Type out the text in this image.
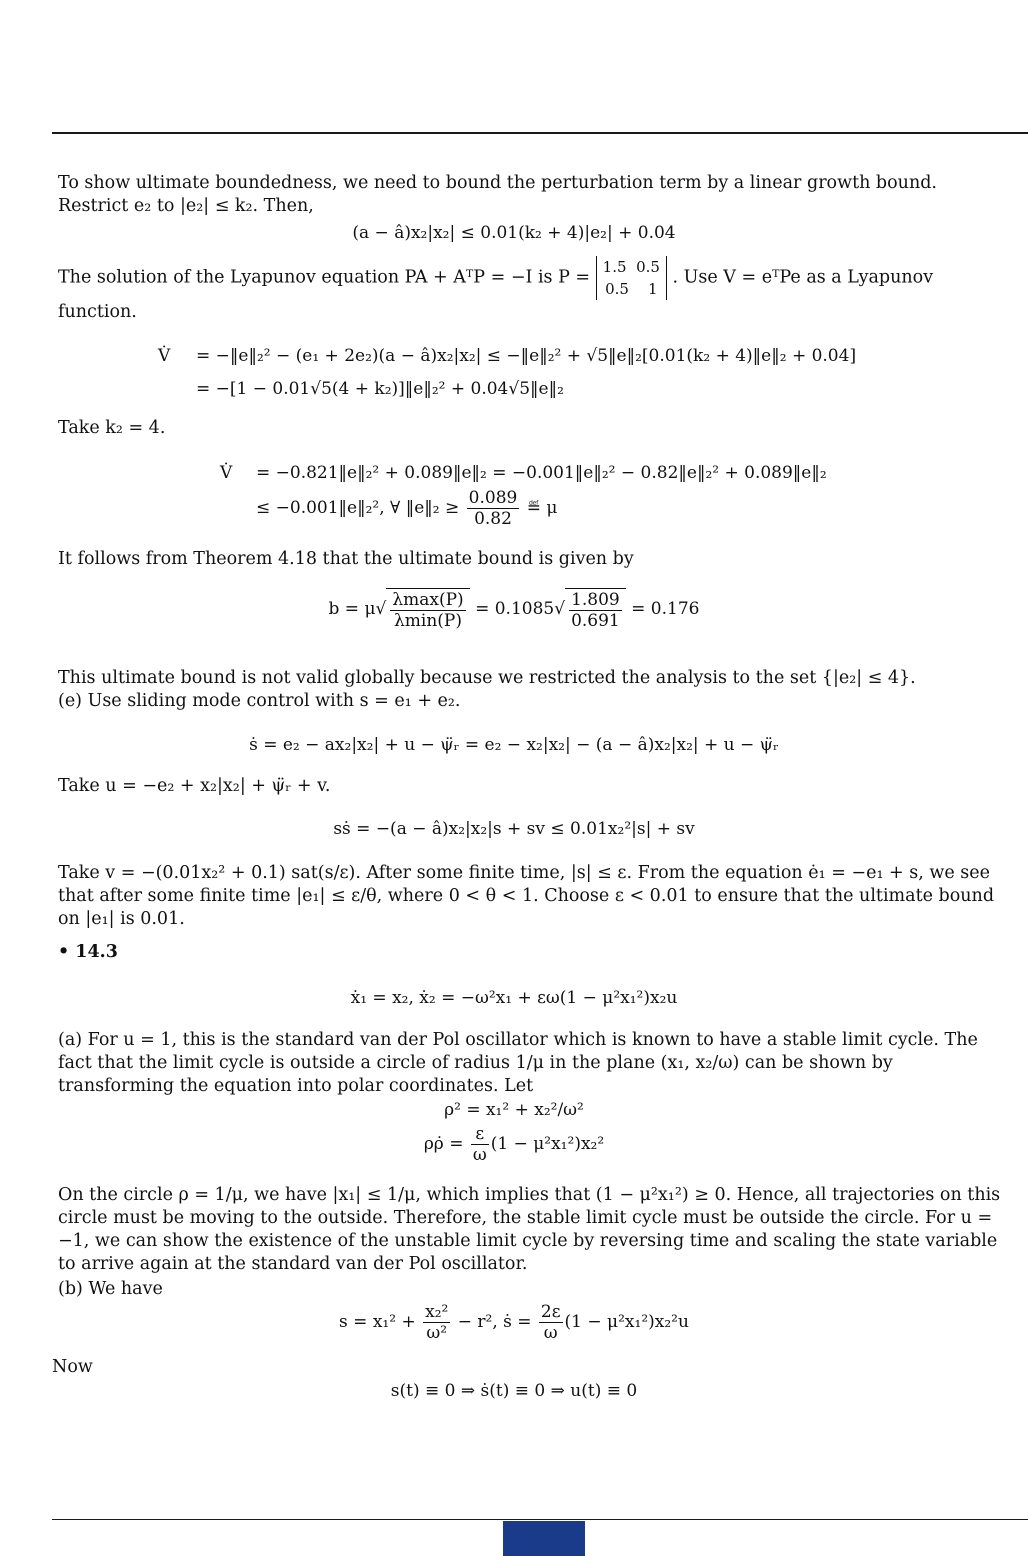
To show ultimate boundedness, we need to bound the perturbation term by a linear growth bound. Restrict e₂ to |e₂| ≤ k₂. Then,
(a − â)x₂|x₂| ≤ 0.01(k₂ + 4)|e₂| + 0.04
The solution of the Lyapunov equation PA + AᵀP = −I is P =
1.5 0.5
0.5 1
. Use V = eᵀPe as a Lyapunov
function.
V̇ = −‖e‖₂² − (e₁ + 2e₂)(a − â)x₂|x₂| ≤ −‖e‖₂² + √5‖e‖₂[0.01(k₂ + 4)‖e‖₂ + 0.04]
= −[1 − 0.01√5(4 + k₂)]‖e‖₂² + 0.04√5‖e‖₂
Take k₂ = 4.
V̇ = −0.821‖e‖₂² + 0.089‖e‖₂ = −0.001‖e‖₂² − 0.82‖e‖₂² + 0.089‖e‖₂
≤ −0.001‖e‖₂², ∀ ‖e‖₂ ≥ $\frac{0.089}{0.82}$ ≝ μ
It follows from Theorem 4.18 that the ultimate bound is given by
$b = \mu√ \frac{\lambda\max(P)}{\lambda\min(P)} = 0.1085√ \frac{1.809}{0.691} = 0.176$
This ultimate bound is not valid globally because we restricted the analysis to the set {|e₂| ≤ 4}.
(e) Use sliding mode control with s = e₁ + e₂.
ṡ = e₂ − ax₂|x₂| + u − ψ̈ᵣ = e₂ − x₂|x₂| − (a − â)x₂|x₂| + u − ψ̈ᵣ
Take u = −e₂ + x₂|x₂| + ψ̈ᵣ + v.
sṡ = −(a − â)x₂|x₂|s + sv ≤ 0.01x₂²|s| + sv
Take v = −(0.01x₂² + 0.1) sat(s/ε). After some finite time, |s| ≤ ε. From the equation ė₁ = −e₁ + s, we see that after some finite time |e₁| ≤ ε/θ, where 0 < θ < 1. Choose ε < 0.01 to ensure that the ultimate bound on |e₁| is 0.01.
• 14.3
ẋ₁ = x₂, ẋ₂ = −ω²x₁ + εω(1 − μ²x₁²)x₂u
(a) For u = 1, this is the standard van der Pol oscillator which is known to have a stable limit cycle. The fact that the limit cycle is outside a circle of radius 1/μ in the plane (x₁, x₂/ω) can be shown by transforming the equation into polar coordinates. Let
ρ² = x₁² + x₂²/ω²
ρρ̇ = $\frac{\varepsilon}{\omega} (1 - \mu^2x_1^2)x_2^2$
On the circle ρ = 1/μ, we have |x₁| ≤ 1/μ, which implies that (1 − μ²x₁²) ≥ 0. Hence, all trajectories on this circle must be moving to the outside. Therefore, the stable limit cycle must be outside the circle. For u = −1, we can show the existence of the unstable limit cycle by reversing time and scaling the state variable to arrive again at the standard van der Pol oscillator.
(b) We have
$s = x_1^2 + \frac{\text{x₂²}}{\text{ω²}} - r^2$, ṡ = $\frac{2\varepsilon}{\omega} (1 - \mu^2x_1^2)x_2^2u$
Now
s(t) ≡ 0 ⇒ ṡ(t) ≡ 0 ⇒ u(t) ≡ 0
